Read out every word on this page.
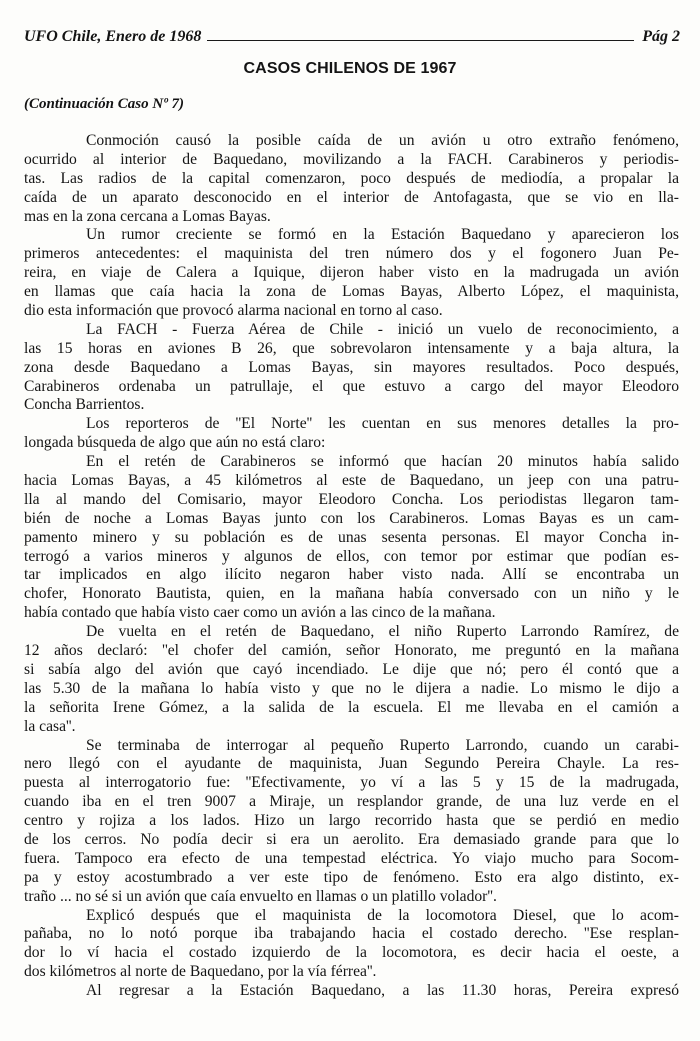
UFO Chile, Enero de 1968	Pág 2
CASOS CHILENOS DE 1967
(Continuación Caso Nº 7)
Conmoción causó la posible caída de un avión u otro extraño fenómeno,
ocurrido al interior de Baquedano, movilizando a la FACH. Carabineros y periodis-
tas. Las radios de la capital comenzaron, poco después de mediodía, a propalar la
caída de un aparato desconocido en el interior de Antofagasta, que se vio en lla-
mas en la zona cercana a Lomas Bayas.
Un rumor creciente se formó en la Estación Baquedano y aparecieron los
primeros antecedentes: el maquinista del tren número dos y el fogonero Juan Pe-
reira, en viaje de Calera a Iquique, dijeron haber visto en la madrugada un avión
en llamas que caía hacia la zona de Lomas Bayas, Alberto López, el maquinista,
dio esta información que provocó alarma nacional en torno al caso.
La FACH - Fuerza Aérea de Chile - inició un vuelo de reconocimiento, a
las 15 horas en aviones B 26, que sobrevolaron intensamente y a baja altura, la
zona desde Baquedano a Lomas Bayas, sin mayores resultados. Poco después,
Carabineros ordenaba un patrullaje, el que estuvo a cargo del mayor Eleodoro
Concha Barrientos.
Los reporteros de ''El Norte'' les cuentan en sus menores detalles la pro-
longada búsqueda de algo que aún no está claro:
En el retén de Carabineros se informó que hacían 20 minutos había salido
hacia Lomas Bayas, a 45 kilómetros al este de Baquedano, un jeep con una patru-
lla al mando del Comisario, mayor Eleodoro Concha. Los periodistas llegaron tam-
bién de noche a Lomas Bayas junto con los Carabineros. Lomas Bayas es un cam-
pamento minero y su población es de unas sesenta personas. El mayor Concha in-
terrogó a varios mineros y algunos de ellos, con temor por estimar que podían es-
tar implicados en algo ilícito negaron haber visto nada. Allí se encontraba un
chofer, Honorato Bautista, quien, en la mañana había conversado con un niño y le
había contado que había visto caer como un avión a las cinco de la mañana.
De vuelta en el retén de Baquedano, el niño Ruperto Larrondo Ramírez, de
12 años declaró: ''el chofer del camión, señor Honorato, me preguntó en la mañana
si sabía algo del avión que cayó incendiado. Le dije que nó; pero él contó que a
las 5.30 de la mañana lo había visto y que no le dijera a nadie. Lo mismo le dijo a
la señorita Irene Gómez, a la salida de la escuela. El me llevaba en el camión a
la casa''.
Se terminaba de interrogar al pequeño Ruperto Larrondo, cuando un carabi-
nero llegó con el ayudante de maquinista, Juan Segundo Pereira Chayle. La res-
puesta al interrogatorio fue: ''Efectivamente, yo ví a las 5 y 15 de la madrugada,
cuando iba en el tren 9007 a Miraje, un resplandor grande, de una luz verde en el
centro y rojiza a los lados. Hizo un largo recorrido hasta que se perdió en medio
de los cerros. No podía decir si era un aerolito. Era demasiado grande para que lo
fuera. Tampoco era efecto de una tempestad eléctrica. Yo viajo mucho para Socom-
pa y estoy acostumbrado a ver este tipo de fenómeno. Esto era algo distinto, ex-
traño ... no sé si un avión que caía envuelto en llamas o un platillo volador''.
Explicó después que el maquinista de la locomotora Diesel, que lo acom-
pañaba, no lo notó porque iba trabajando hacia el costado derecho. ''Ese resplan-
dor lo ví hacia el costado izquierdo de la locomotora, es decir hacia el oeste, a
dos kilómetros al norte de Baquedano, por la vía férrea''.
Al regresar a la Estación Baquedano, a las 11.30 horas, Pereira expresó
